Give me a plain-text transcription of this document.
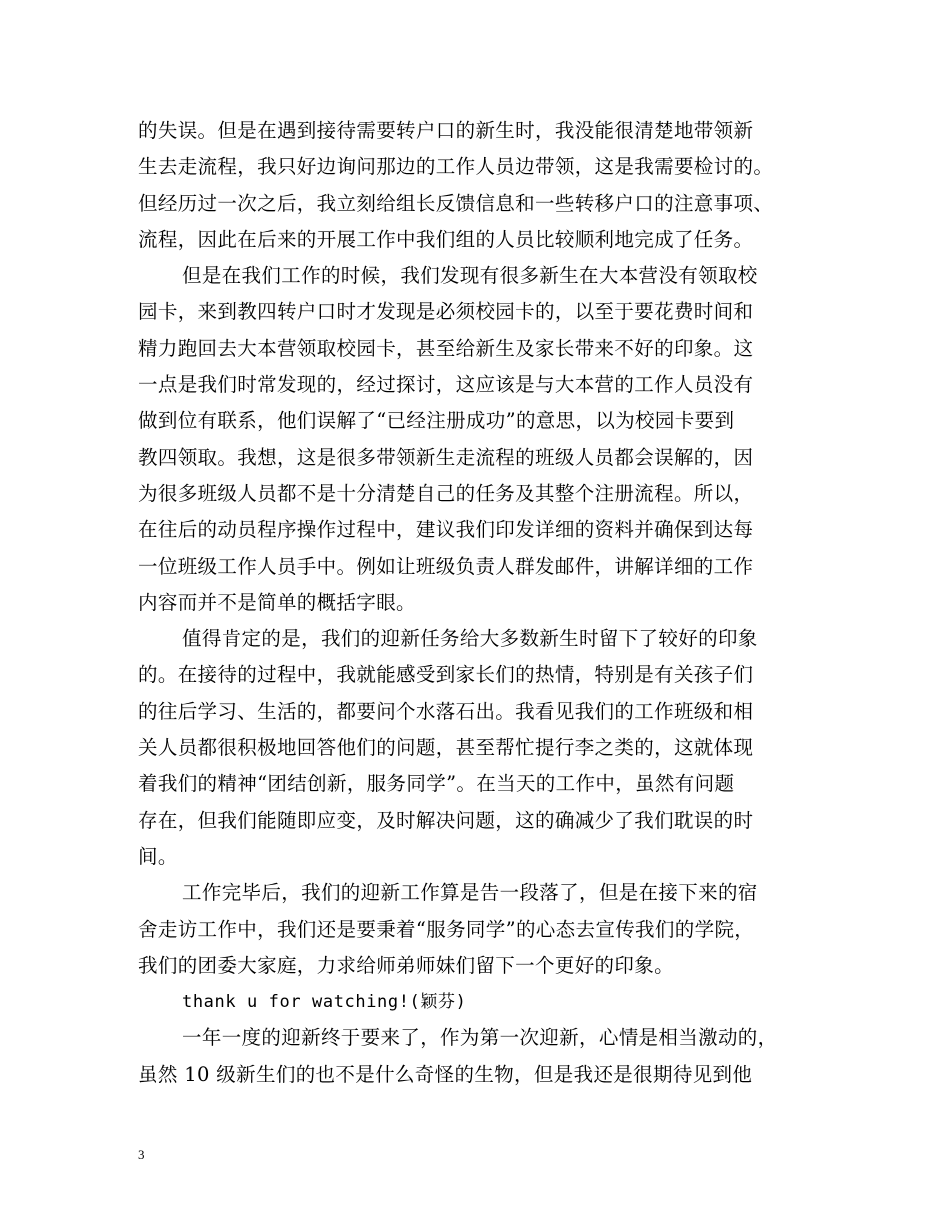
的失误。但是在遇到接待需要转户口的新生时，我没能很清楚地带领新
生去走流程，我只好边询问那边的工作人员边带领，这是我需要检讨的。
但经历过一次之后，我立刻给组长反馈信息和一些转移户口的注意事项、
流程，因此在后来的开展工作中我们组的人员比较顺利地完成了任务。
但是在我们工作的时候，我们发现有很多新生在大本营没有领取校
园卡，来到教四转户口时才发现是必须校园卡的，以至于要花费时间和
精力跑回去大本营领取校园卡，甚至给新生及家长带来不好的印象。这
一点是我们时常发现的，经过探讨，这应该是与大本营的工作人员没有
做到位有联系，他们误解了“已经注册成功”的意思，以为校园卡要到
教四领取。我想，这是很多带领新生走流程的班级人员都会误解的，因
为很多班级人员都不是十分清楚自己的任务及其整个注册流程。所以，
在往后的动员程序操作过程中，建议我们印发详细的资料并确保到达每
一位班级工作人员手中。例如让班级负责人群发邮件，讲解详细的工作
内容而并不是简单的概括字眼。
值得肯定的是，我们的迎新任务给大多数新生时留下了较好的印象
的。在接待的过程中，我就能感受到家长们的热情，特别是有关孩子们
的往后学习、生活的，都要问个水落石出。我看见我们的工作班级和相
关人员都很积极地回答他们的问题，甚至帮忙提行李之类的，这就体现
着我们的精神“团结创新，服务同学”。在当天的工作中，虽然有问题
存在，但我们能随即应变，及时解决问题，这的确减少了我们耽误的时
间。
工作完毕后，我们的迎新工作算是告一段落了，但是在接下来的宿
舍走访工作中，我们还是要秉着“服务同学”的心态去宣传我们的学院，
我们的团委大家庭，力求给师弟师妹们留下一个更好的印象。
thank u for watching!(颖芬)
一年一度的迎新终于要来了，作为第一次迎新，心情是相当激动的，
虽然 10 级新生们的也不是什么奇怪的生物，但是我还是很期待见到他
3
